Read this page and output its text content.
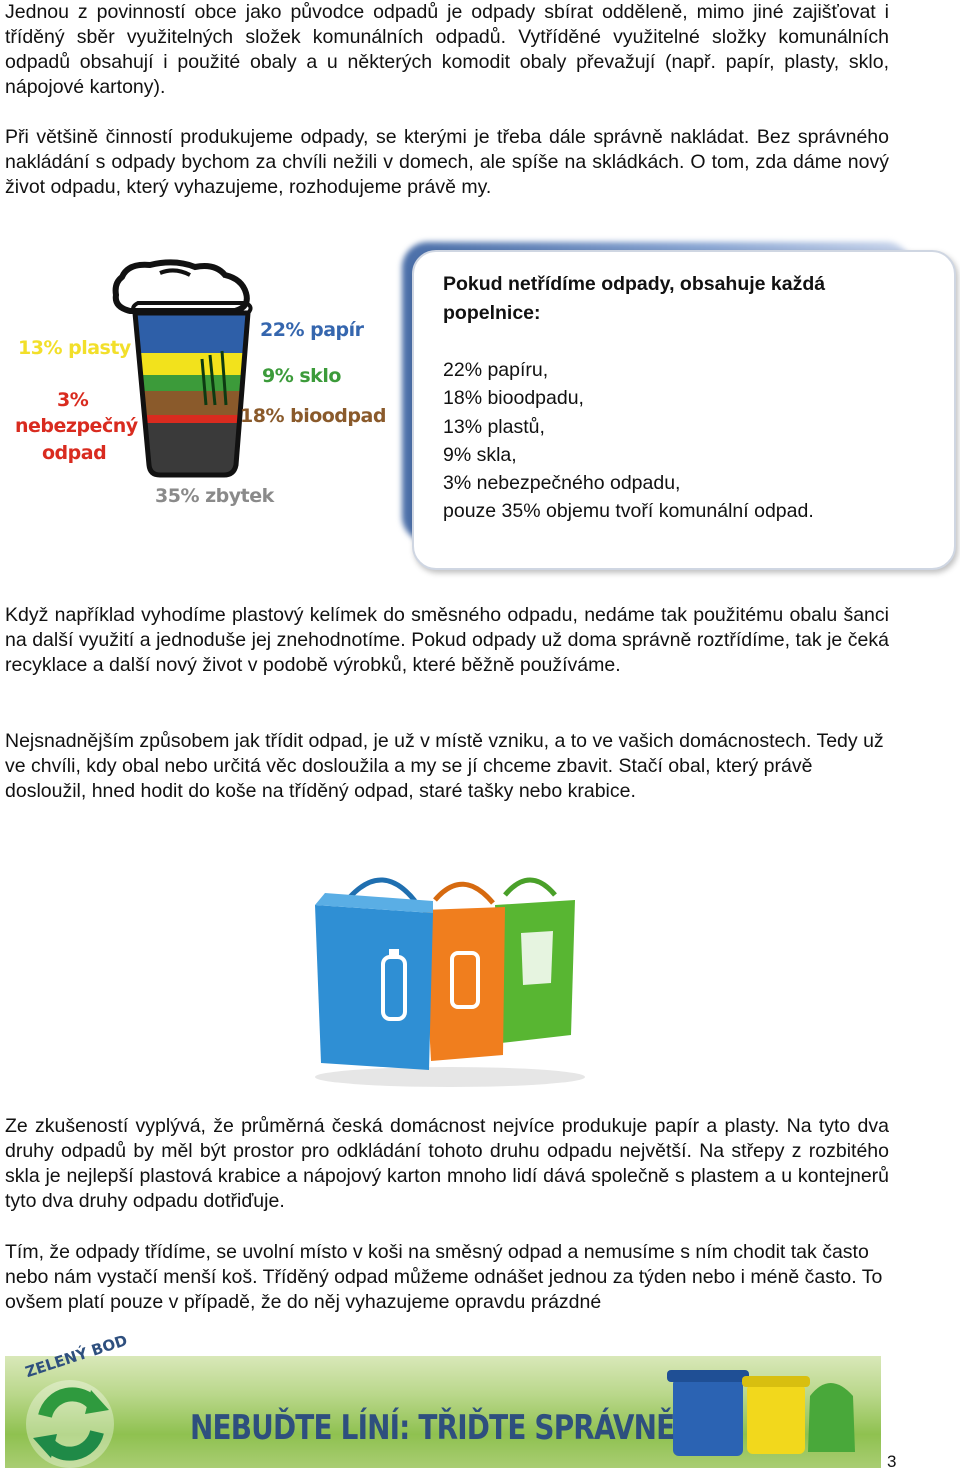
Jednou z povinností obce jako původce odpadů je odpady sbírat odděleně, mimo jiné zajišťovat i tříděný sběr využitelných složek komunálních odpadů. Vytříděné využitelné složky komunálních odpadů obsahují i použité obaly a u některých komodit obaly převažují (např. papír, plasty, sklo, nápojové kartony).

Při většině činností produkujeme odpady, se kterými je třeba dále správně nakládat. Bez správného nakládání s odpady bychom za chvíli nežili v domech, ale spíše na skládkách. O tom, zda dáme nový život odpadu, který vyhazujeme, rozhodujeme právě my.

13% plasty
22% papír
9% sklo
18% bioodpad
3%
nebezpečný
odpad
35% zbytek
Pokud netřídíme odpady, obsahuje každá popelnice:
22% papíru,
18% bioodpadu,
13% plastů,
9% skla,
3% nebezpečného odpadu,
pouze 35% objemu tvoří komunální odpad.

Když například vyhodíme plastový kelímek do směsného odpadu, nedáme tak použitému obalu šanci na další využití a jednoduše jej znehodnotíme. Pokud odpady už doma správně roztřídíme, tak je čeká recyklace a další nový život v podobě výrobků, které běžně používáme.

Nejsnadnějším způsobem jak třídit odpad, je už v místě vzniku, a to ve vašich domácnostech. Tedy už ve chvíli, kdy obal nebo určitá věc dosloužila a my se jí chceme zbavit. Stačí obal, který právě dosloužil, hned hodit do koše na tříděný odpad, staré tašky nebo krabice.

Ze zkušeností vyplývá, že průměrná česká domácnost nejvíce produkuje papír a plasty. Na tyto dva druhy odpadů by měl být prostor pro odkládání tohoto druhu odpadu největší. Na střepy z rozbitého skla je nejlepší plastová krabice a nápojový karton mnoho lidí dává společně s plastem a u kontejnerů tyto dva druhy odpadu dotřiďuje.

Tím, že odpady třídíme, se uvolní místo v koši na směsný odpad a nemusíme s ním chodit tak často nebo nám vystačí menší koš. Tříděný odpad můžeme odnášet jednou za týden nebo i méně často. To ovšem platí pouze v případě, že do něj vyhazujeme opravdu prázdné

ZELENÝ BOD
NEBUĎTE LÍNÍ: TŘIĎTE SPRÁVNĚ
3
